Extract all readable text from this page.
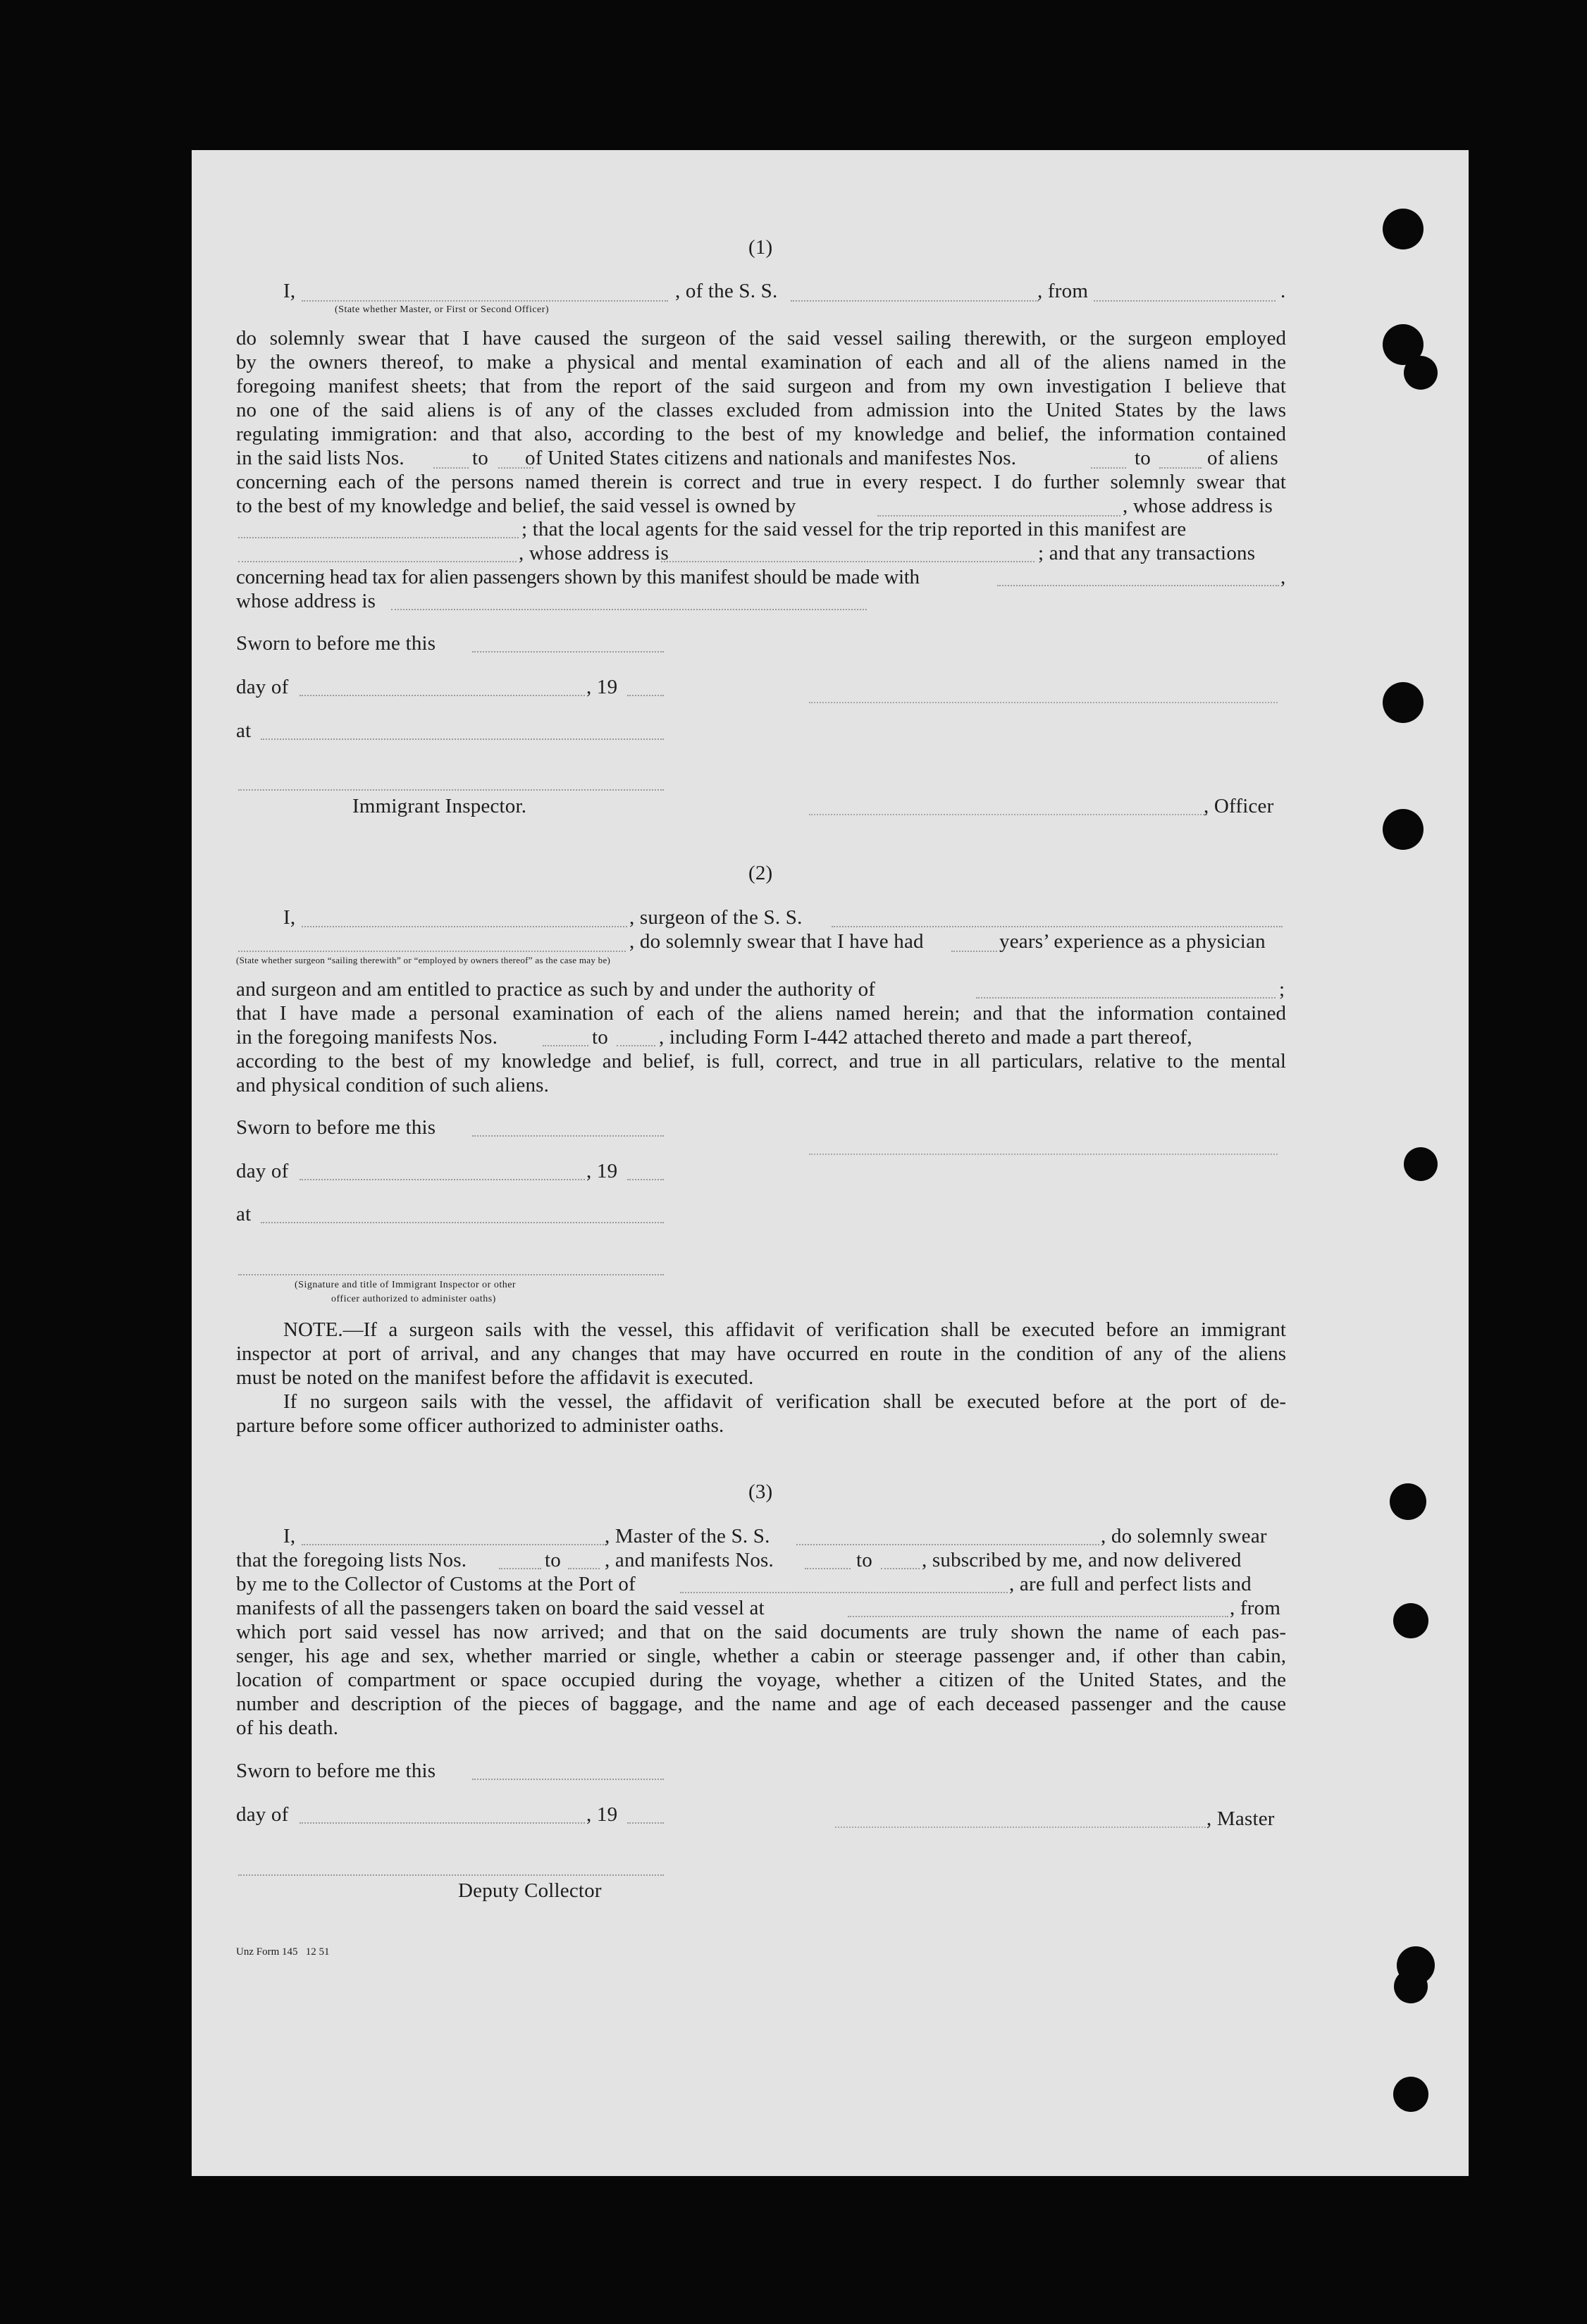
(1)
I,	, of the S. S.	, from	.
(State whether Master, or First or Second Officer)
do solemnly swear that I have caused the surgeon of the said vessel sailing therewith, or the surgeon employed
by the owners thereof, to make a physical and mental examination of each and all of the aliens named in the
foregoing manifest sheets; that from the report of the said surgeon and from my own investigation I believe that
no one of the said aliens is of any of the classes excluded from admission into the United States by the laws
regulating immigration: and that also, according to the best of my knowledge and belief, the information contained
in the said lists Nos.	to of United States citizens and nationals and manifestes Nos.	to	of aliens
concerning each of the persons named therein is correct and true in every respect. I do further solemnly swear that
to the best of my knowledge and belief, the said vessel is owned by	, whose address is
; that the local agents for the said vessel for the trip reported in this manifest are
, whose address is	; and that any transactions
concerning head tax for alien passengers shown by this manifest should be made with	,
whose address is
Sworn to before me this
day of	, 19
at
Immigrant Inspector.	, Officer
(2)
I,	, surgeon of the S. S.
, do solemnly swear that I have had	years’ experience as a physician
(State whether surgeon “sailing therewith” or “employed by owners thereof” as the case may be)
and surgeon and am entitled to practice as such by and under the authority of	;
that I have made a personal examination of each of the aliens named herein; and that the information contained
in the foregoing manifests Nos.	to , including Form I-442 attached thereto and made a part thereof,
according to the best of my knowledge and belief, is full, correct, and true in all particulars, relative to the mental
and physical condition of such aliens.
Sworn to before me this
day of	, 19
at
(Signature and title of Immigrant Inspector or other
officer authorized to administer oaths)
NOTE.—If a surgeon sails with the vessel, this affidavit of verification shall be executed before an immigrant
inspector at port of arrival, and any changes that may have occurred en route in the condition of any of the aliens
must be noted on the manifest before the affidavit is executed.
If no surgeon sails with the vessel, the affidavit of verification shall be executed before at the port of de-
parture before some officer authorized to administer oaths.
(3)
I,	, Master of the S. S.	, do solemnly swear
that the foregoing lists Nos.	to , and manifests Nos.	to , subscribed by me, and now delivered
by me to the Collector of Customs at the Port of	, are full and perfect lists and
manifests of all the passengers taken on board the said vessel at	, from
which port said vessel has now arrived; and that on the said documents are truly shown the name of each pas-
senger, his age and sex, whether married or single, whether a cabin or steerage passenger and, if other than cabin,
location of compartment or space occupied during the voyage, whether a citizen of the United States, and the
number and description of the pieces of baggage, and the name and age of each deceased passenger and the cause
of his death.
Sworn to before me this
day of	, 19	, Master
Deputy Collector
Unz Form 145   12 51
